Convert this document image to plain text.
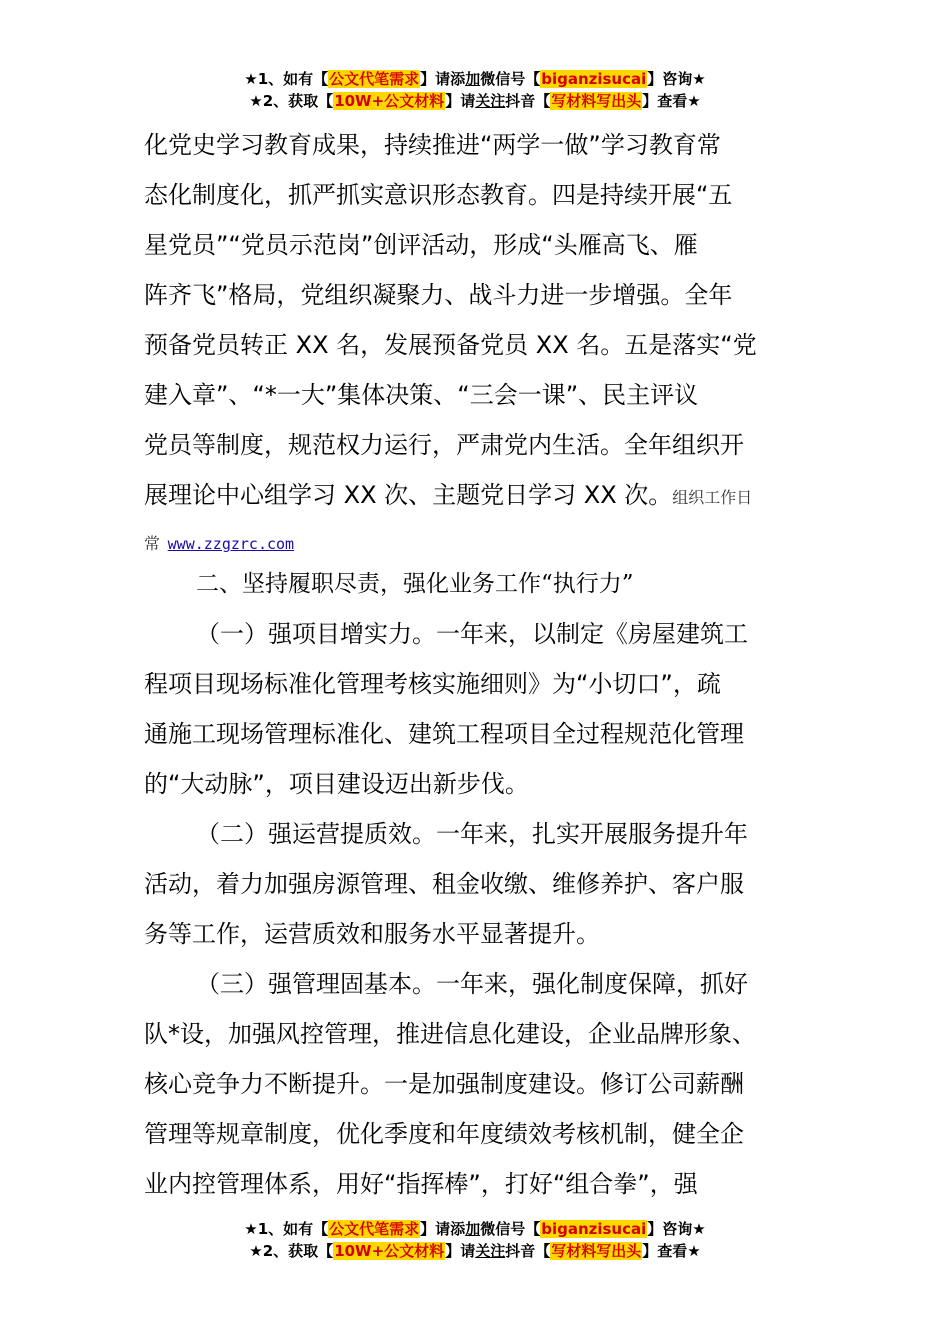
★1、如有【公文代笔需求】请添加微信号【biganzisucai】咨询★
★2、获取【10W+公文材料】请关注抖音【写材料写出头】查看★
化党史学习教育成果，持续推进“两学一做”学习教育常
态化制度化，抓严抓实意识形态教育。四是持续开展“五
星党员”“党员示范岗”创评活动，形成“头雁高飞、雁
阵齐飞”格局，党组织凝聚力、战斗力进一步增强。全年
预备党员转正 XX 名，发展预备党员 XX 名。五是落实“党
建入章”、“*一大”集体决策、“三会一课”、民主评议
党员等制度，规范权力运行，严肃党内生活。全年组织开
展理论中心组学习 XX 次、主题党日学习 XX 次。组织工作日
常 www.zzgzrc.com
二、坚持履职尽责，强化业务工作“执行力”
（一）强项目增实力。一年来，以制定《房屋建筑工
程项目现场标准化管理考核实施细则》为“小切口”，疏
通施工现场管理标准化、建筑工程项目全过程规范化管理
的“大动脉”，项目建设迈出新步伐。
（二）强运营提质效。一年来，扎实开展服务提升年
活动，着力加强房源管理、租金收缴、维修养护、客户服
务等工作，运营质效和服务水平显著提升。
（三）强管理固基本。一年来，强化制度保障，抓好
队*设，加强风控管理，推进信息化建设，企业品牌形象、
核心竞争力不断提升。一是加强制度建设。修订公司薪酬
管理等规章制度，优化季度和年度绩效考核机制，健全企
业内控管理体系，用好“指挥棒”，打好“组合拳”，强
★1、如有【公文代笔需求】请添加微信号【biganzisucai】咨询★
★2、获取【10W+公文材料】请关注抖音【写材料写出头】查看★
